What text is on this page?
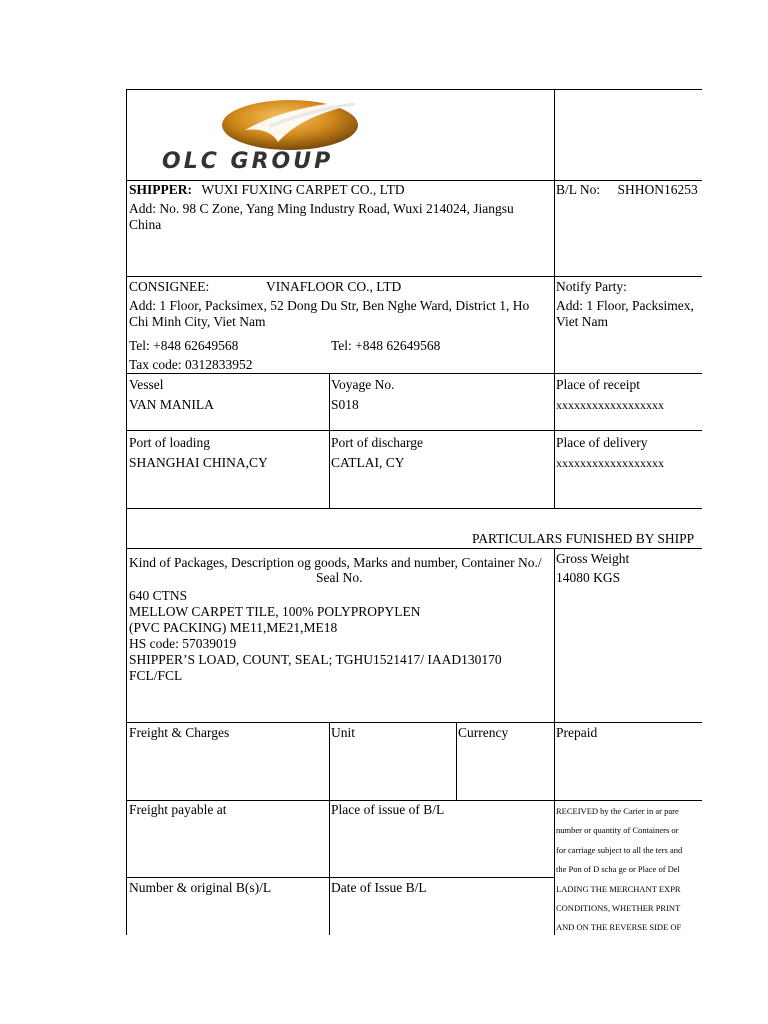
OLC GROUP
SHIPPER: WUXI FUXING CARPET CO., LTD
Add: No. 98 C Zone, Yang Ming Industry Road, Wuxi 214024, Jiangsu China
B/L No: SHHON16253
CONSIGNEE:	VINAFLOOR CO., LTD
Add: 1 Floor, Packsimex, 52 Dong Du Str, Ben Nghe Ward, District 1, Ho Chi Minh City, Viet Nam
Tel: +848 62649568	Tel: +848 62649568
Tax code: 0312833952
Notify Party:
Add: 1 Floor, Packsimex,
Viet Nam
Vessel
VAN MANILA
Voyage No.
S018
Place of receipt
xxxxxxxxxxxxxxxxxx
Port of loading
SHANGHAI CHINA,CY
Port of discharge
CATLAI, CY
Place of delivery
xxxxxxxxxxxxxxxxxx
PARTICULARS FUNISHED BY SHIPP
Kind of Packages, Description og goods, Marks and number, Container No./
Seal No.
640 CTNS
MELLOW CARPET TILE, 100% POLYPROPYLEN
(PVC PACKING) ME11,ME21,ME18
HS code: 57039019
SHIPPER’S LOAD, COUNT, SEAL; TGHU1521417/ IAAD130170
FCL/FCL
Gross Weight
14080 KGS
Freight & Charges	Unit	Currency	Prepaid
Freight payable at	Place of issue of B/L
Number & original B(s)/L	Date of Issue B/L
RECEIVED by the Carier in ar pare
number or quantity of Containers or
for carriage subject to all the ters and
the Pon of D scha ge or Place of Del
LADING THE MERCHANT EXPR
CONDITIONS, WHETHER PRINT
AND ON THE REVERSE SIDE OF
